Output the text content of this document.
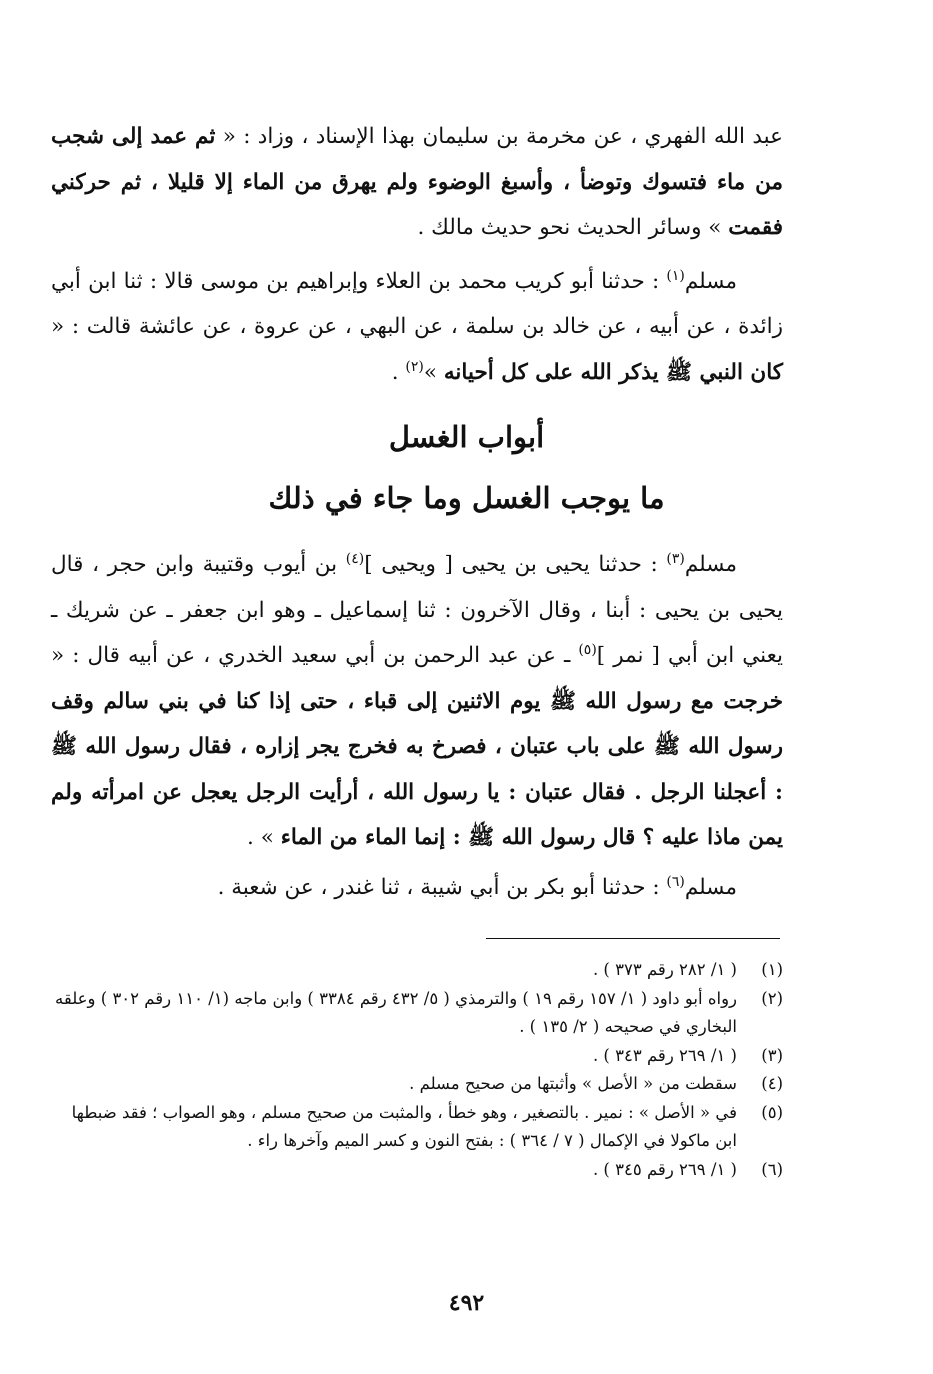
عبد الله الفهري ، عن مخرمة بن سليمان بهذا الإسناد ، وزاد : « ثم عمد إلى شجب من ماء فتسوك وتوضأ ، وأسبغ الوضوء ولم يهرق من الماء إلا قليلا ، ثم حركني فقمت » وسائر الحديث نحو حديث مالك .

مسلم$^{(١)}$ : حدثنا أبو كريب محمد بن العلاء وإبراهيم بن موسى قالا : ثنا ابن أبي زائدة ، عن أبيه ، عن خالد بن سلمة ، عن البهي ، عن عروة ، عن عائشة قالت : « كان النبي ﷺ يذكر الله على كل أحيانه »$^{(٢)}$ .

أبواب الغسل
ما يوجب الغسل وما جاء في ذلك

مسلم$^{(٣)}$ : حدثنا يحيى بن يحيى [ ويحيى ]$^{(٤)}$ بن أيوب وقتيبة وابن حجر ، قال يحيى بن يحيى : أبنا ، وقال الآخرون : ثنا إسماعيل ـ وهو ابن جعفر ـ عن شريك ـ يعني ابن أبي [ نمر ]$^{(٥)}$ ـ عن عبد الرحمن بن أبي سعيد الخدري ، عن أبيه قال : « خرجت مع رسول الله ﷺ يوم الاثنين إلى قباء ، حتى إذا كنا في بني سالم وقف رسول الله ﷺ على باب عتبان ، فصرخ به فخرج يجر إزاره ، فقال رسول الله ﷺ : أعجلنا الرجل . فقال عتبان : يا رسول الله ، أرأيت الرجل يعجل عن امرأته ولم يمن ماذا عليه ؟ قال رسول الله ﷺ : إنما الماء من الماء » .

مسلم$^{(٦)}$ : حدثنا أبو بكر بن أبي شيبة ، ثنا غندر ، عن شعبة .

(١)
( ١/ ٢٨٢ رقم ٣٧٣ ) .
(٢)
رواه أبو داود ( ١/ ١٥٧ رقم ١٩ ) والترمذي ( ٥/ ٤٣٢ رقم ٣٣٨٤ ) وابن ماجه (١/ ١١٠ رقم ٣٠٢ ) وعلقه البخاري في صحيحه ( ٢/ ١٣٥ ) .
(٣)
( ١/ ٢٦٩ رقم ٣٤٣ ) .
(٤)
سقطت من « الأصل » وأثبتها من صحيح مسلم .
(٥)
في « الأصل » : نمير . بالتصغير ، وهو خطأ ، والمثبت من صحيح مسلم ، وهو الصواب ؛ فقد ضبطها ابن ماكولا في الإكمال ( ٧ / ٣٦٤ ) : بفتح النون و كسر الميم وآخرها راء .
(٦)
( ١/ ٢٦٩ رقم ٣٤٥ ) .
٤٩٢
